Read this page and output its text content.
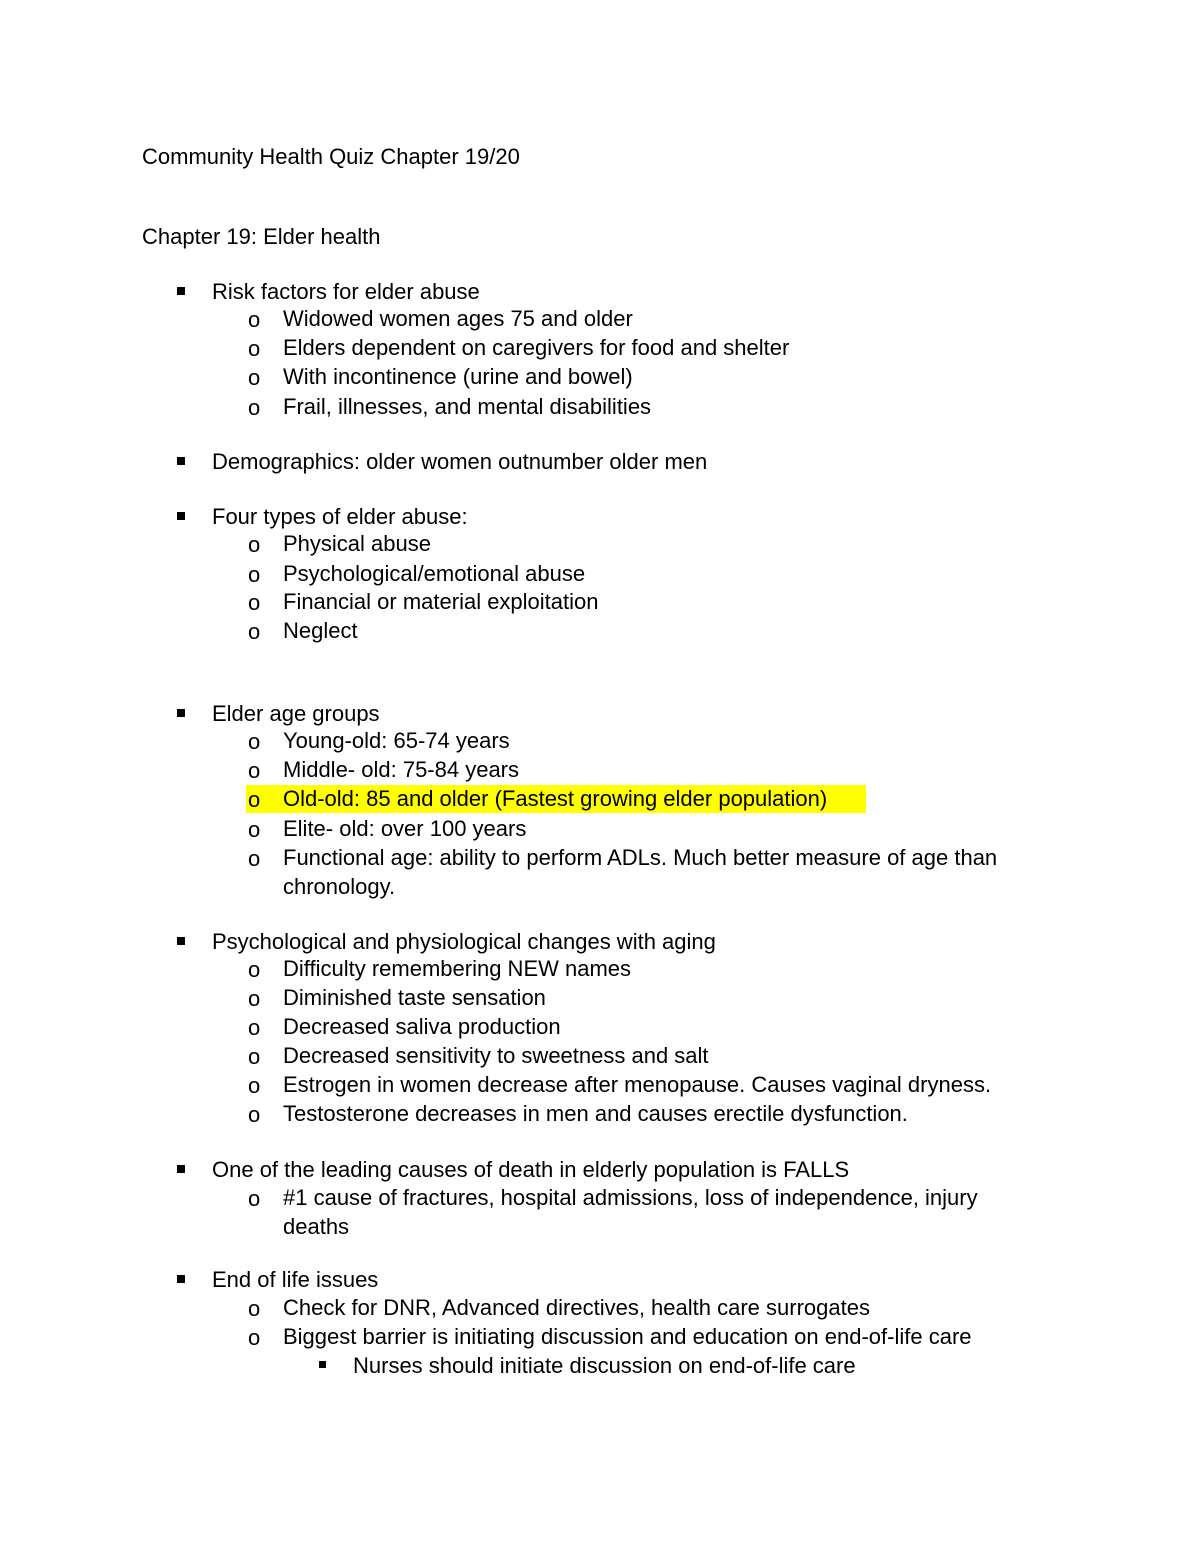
Community Health Quiz Chapter 19/20
Chapter 19: Elder health
Risk factors for elder abuse
o Widowed women ages 75 and older
o Elders dependent on caregivers for food and shelter
o With incontinence (urine and bowel)
o Frail, illnesses, and mental disabilities
Demographics: older women outnumber older men
Four types of elder abuse:
o Physical abuse
o Psychological/emotional abuse
o Financial or material exploitation
o Neglect
Elder age groups
o Young-old: 65-74 years
o Middle- old: 75-84 years
o Old-old: 85 and older (Fastest growing elder population)
o Elite- old: over 100 years
o Functional age: ability to perform ADLs. Much better measure of age than
chronology.
Psychological and physiological changes with aging
o Difficulty remembering NEW names
o Diminished taste sensation
o Decreased saliva production
o Decreased sensitivity to sweetness and salt
o Estrogen in women decrease after menopause. Causes vaginal dryness.
o Testosterone decreases in men and causes erectile dysfunction.
One of the leading causes of death in elderly population is FALLS
o #1 cause of fractures, hospital admissions, loss of independence, injury
deaths
End of life issues
o Check for DNR, Advanced directives, health care surrogates
o Biggest barrier is initiating discussion and education on end-of-life care
Nurses should initiate discussion on end-of-life care
